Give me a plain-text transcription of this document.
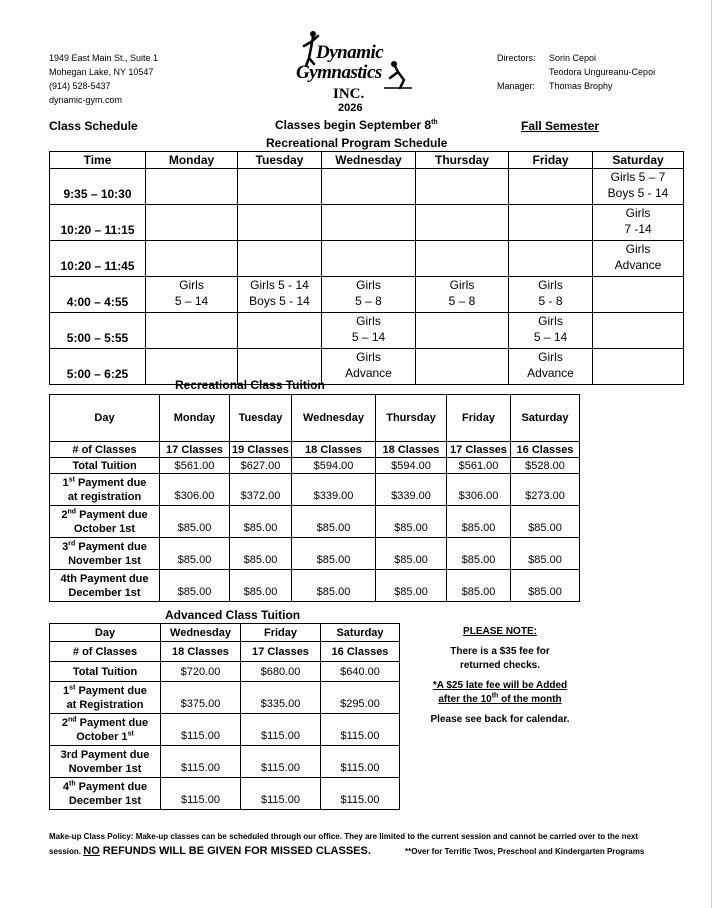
1949 East Main St., Suite 1
Mohegan Lake, NY 10547
(914) 528-5437
dynamic-gym.com
Dynamic
Gymnastics
INC.
2026
Directors:	Sorin Cepoi
Teodora Ungureanu-Cepoi
Manager:	Thomas Brophy
Class Schedule	Classes begin September 8th	Fall Semester
Recreational Program Schedule
Time	Monday	Tuesday	Wednesday	Thursday	Friday	Saturday
9:35 – 10:30						Girls 5 – 7
Boys 5 - 14

10:20 – 11:15						Girls
7 -14

10:20 – 11:45						Girls
Advance

4:00 – 4:55	Girls
5 – 14	Girls 5 - 14
Boys 5 - 14	Girls
5 – 8	Girls
5 – 8	Girls
5 - 8	

5:00 – 5:55			Girls
5 – 14		Girls
5 – 14	

5:00 – 6:25			Girls
Advance		Girls
Advance	

Recreational Class Tuition
Day	Monday	Tuesday	Wednesday	Thursday	Friday	Saturday
# of Classes	17 Classes	19 Classes	18 Classes	18 Classes	17 Classes	16 Classes
Total Tuition	$561.00	$627.00	$594.00	$594.00	$561.00	$528.00
1st Payment due
at registration	$306.00	$372.00	$339.00	$339.00	$306.00	$273.00
2nd Payment due
October 1st	$85.00	$85.00	$85.00	$85.00	$85.00	$85.00
3rd Payment due
November 1st	$85.00	$85.00	$85.00	$85.00	$85.00	$85.00
4th Payment due
December 1st	$85.00	$85.00	$85.00	$85.00	$85.00	$85.00
Advanced Class Tuition
Day	Wednesday	Friday	Saturday
# of Classes	18 Classes	17 Classes	16 Classes
Total Tuition	$720.00	$680.00	$640.00
1st Payment due
at Registration	$375.00	$335.00	$295.00
2nd Payment due
October 1st	$115.00	$115.00	$115.00
3rd Payment due
November 1st	$115.00	$115.00	$115.00
4th Payment due
December 1st	$115.00	$115.00	$115.00
PLEASE NOTE:
There is a $35 fee for

returned checks.
*A $25 late fee will be Added
after the 10th of the month
Please see back for calendar.
Make-up Class Policy: Make-up classes can be scheduled through our office. They are limited to the current session and cannot be carried over to the next
session. NO REFUNDS WILL BE GIVEN FOR MISSED CLASSES.	**Over for Terrific Twos, Preschool and Kindergarten Programs
